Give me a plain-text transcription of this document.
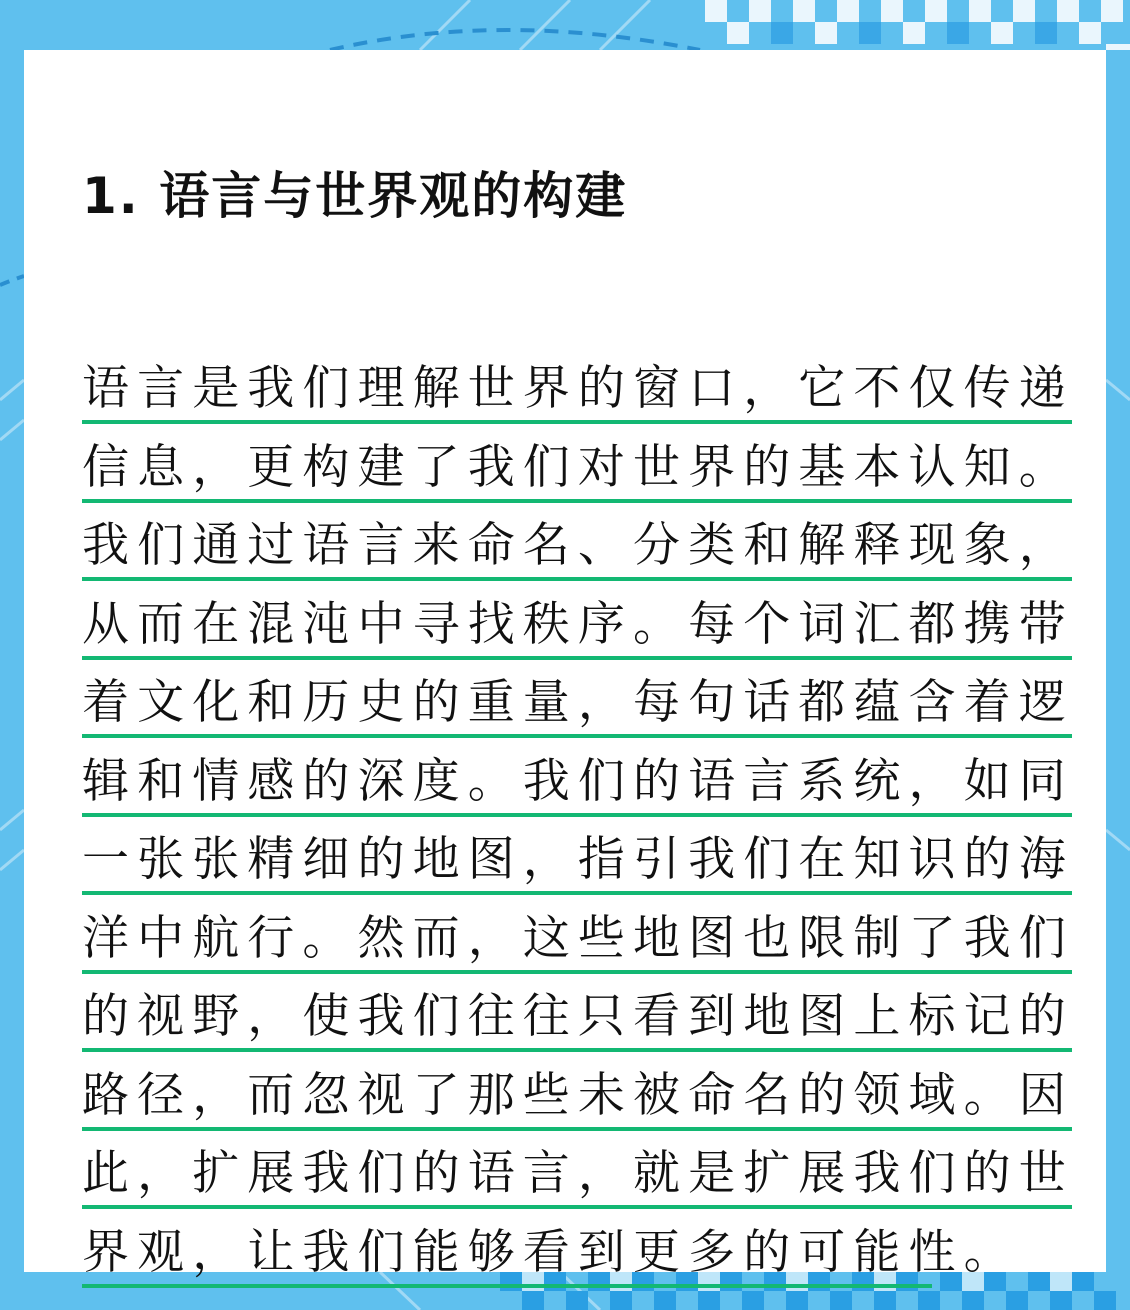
1. 语言与世界观的构建
语言是我们理解世界的窗口，它不仅传递
信息，更构建了我们对世界的基本认知。
我们通过语言来命名、分类和解释现象，
从而在混沌中寻找秩序。每个词汇都携带
着文化和历史的重量，每句话都蕴含着逻
辑和情感的深度。我们的语言系统，如同
一张张精细的地图，指引我们在知识的海
洋中航行。然而，这些地图也限制了我们
的视野，使我们往往只看到地图上标记的
路径，而忽视了那些未被命名的领域。因
此，扩展我们的语言，就是扩展我们的世
界观，让我们能够看到更多的可能性。
